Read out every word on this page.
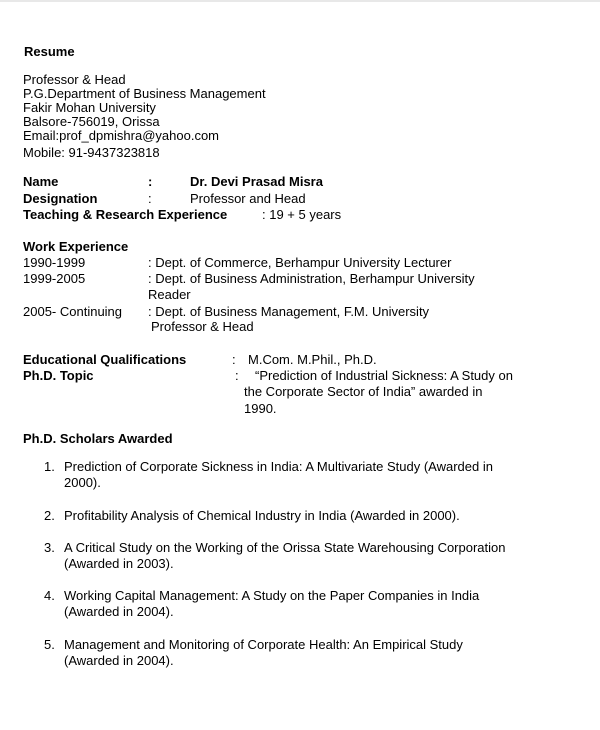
Resume
Professor & Head
P.G.Department of Business Management
Fakir Mohan University
Balsore-756019, Orissa
Email:prof_dpmishra@yahoo.com
Mobile: 91-9437323818
Name	:	Dr. Devi Prasad Misra
Designation	:	Professor and Head
Teaching & Research Experience	: 19 + 5 years
Work Experience
1990-1999	: Dept. of Commerce, Berhampur University Lecturer
1999-2005	: Dept. of Business Administration, Berhampur University
Reader
2005- Continuing : Dept. of Business Management, F.M. University
Professor & Head
Educational Qualifications	: M.Com. M.Phil., Ph.D.
Ph.D. Topic	: “Prediction of Industrial Sickness: A Study on
the Corporate Sector of India” awarded in
1990.
Ph.D. Scholars Awarded
1. Prediction of Corporate Sickness in India: A Multivariate Study (Awarded in
2000).
2. Profitability Analysis of Chemical Industry in India (Awarded in 2000).
3. A Critical Study on the Working of the Orissa State Warehousing Corporation
(Awarded in 2003).
4. Working Capital Management: A Study on the Paper Companies in India
(Awarded in 2004).
5. Management and Monitoring of Corporate Health: An Empirical Study
(Awarded in 2004).
